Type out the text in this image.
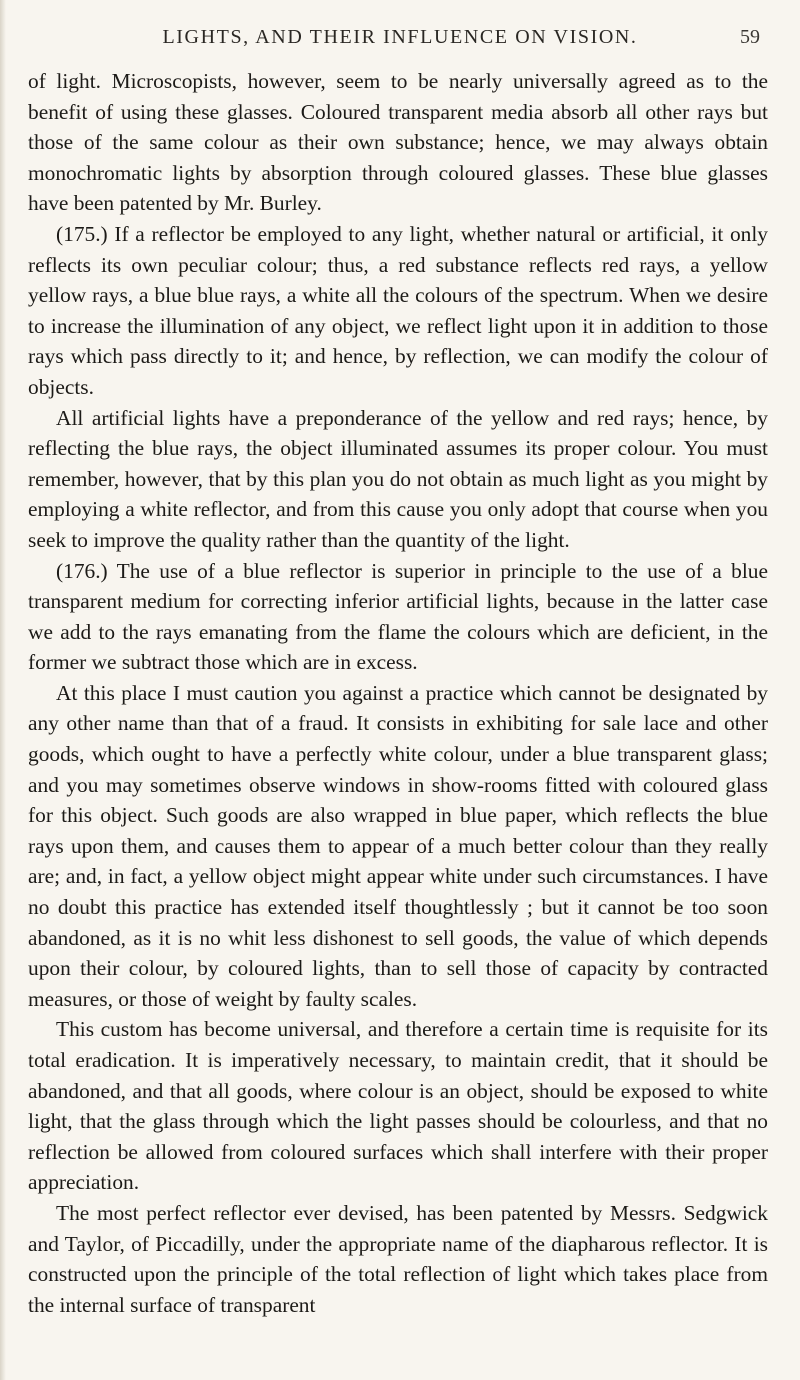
LIGHTS, AND THEIR INFLUENCE ON VISION.	59

of light. Microscopists, however, seem to be nearly universally agreed as to the benefit of using these glasses. Coloured transparent media absorb all other rays but those of the same colour as their own substance; hence, we may always obtain monochromatic lights by absorption through coloured glasses. These blue glasses have been patented by Mr. Burley.

(175.) If a reflector be employed to any light, whether natural or artificial, it only reflects its own peculiar colour; thus, a red substance reflects red rays, a yellow yellow rays, a blue blue rays, a white all the colours of the spectrum. When we desire to increase the illumination of any object, we reflect light upon it in addition to those rays which pass directly to it; and hence, by reflection, we can modify the colour of objects.

All artificial lights have a preponderance of the yellow and red rays; hence, by reflecting the blue rays, the object illuminated assumes its proper colour. You must remember, however, that by this plan you do not obtain as much light as you might by employing a white reflector, and from this cause you only adopt that course when you seek to improve the quality rather than the quantity of the light.

(176.) The use of a blue reflector is superior in principle to the use of a blue transparent medium for correcting inferior artificial lights, because in the latter case we add to the rays emanating from the flame the colours which are deficient, in the former we subtract those which are in excess.

At this place I must caution you against a practice which cannot be designated by any other name than that of a fraud. It consists in exhibiting for sale lace and other goods, which ought to have a perfectly white colour, under a blue transparent glass; and you may sometimes observe windows in show-rooms fitted with coloured glass for this object. Such goods are also wrapped in blue paper, which reflects the blue rays upon them, and causes them to appear of a much better colour than they really are; and, in fact, a yellow object might appear white under such circumstances. I have no doubt this practice has extended itself thoughtlessly ; but it cannot be too soon abandoned, as it is no whit less dishonest to sell goods, the value of which depends upon their colour, by coloured lights, than to sell those of capacity by contracted measures, or those of weight by faulty scales.

This custom has become universal, and therefore a certain time is requisite for its total eradication. It is imperatively necessary, to maintain credit, that it should be abandoned, and that all goods, where colour is an object, should be exposed to white light, that the glass through which the light passes should be colourless, and that no reflection be allowed from coloured surfaces which shall interfere with their proper appreciation.

The most perfect reflector ever devised, has been patented by Messrs. Sedgwick and Taylor, of Piccadilly, under the appropriate name of the diapharous reflector. It is constructed upon the principle of the total reflection of light which takes place from the internal surface of transparent
